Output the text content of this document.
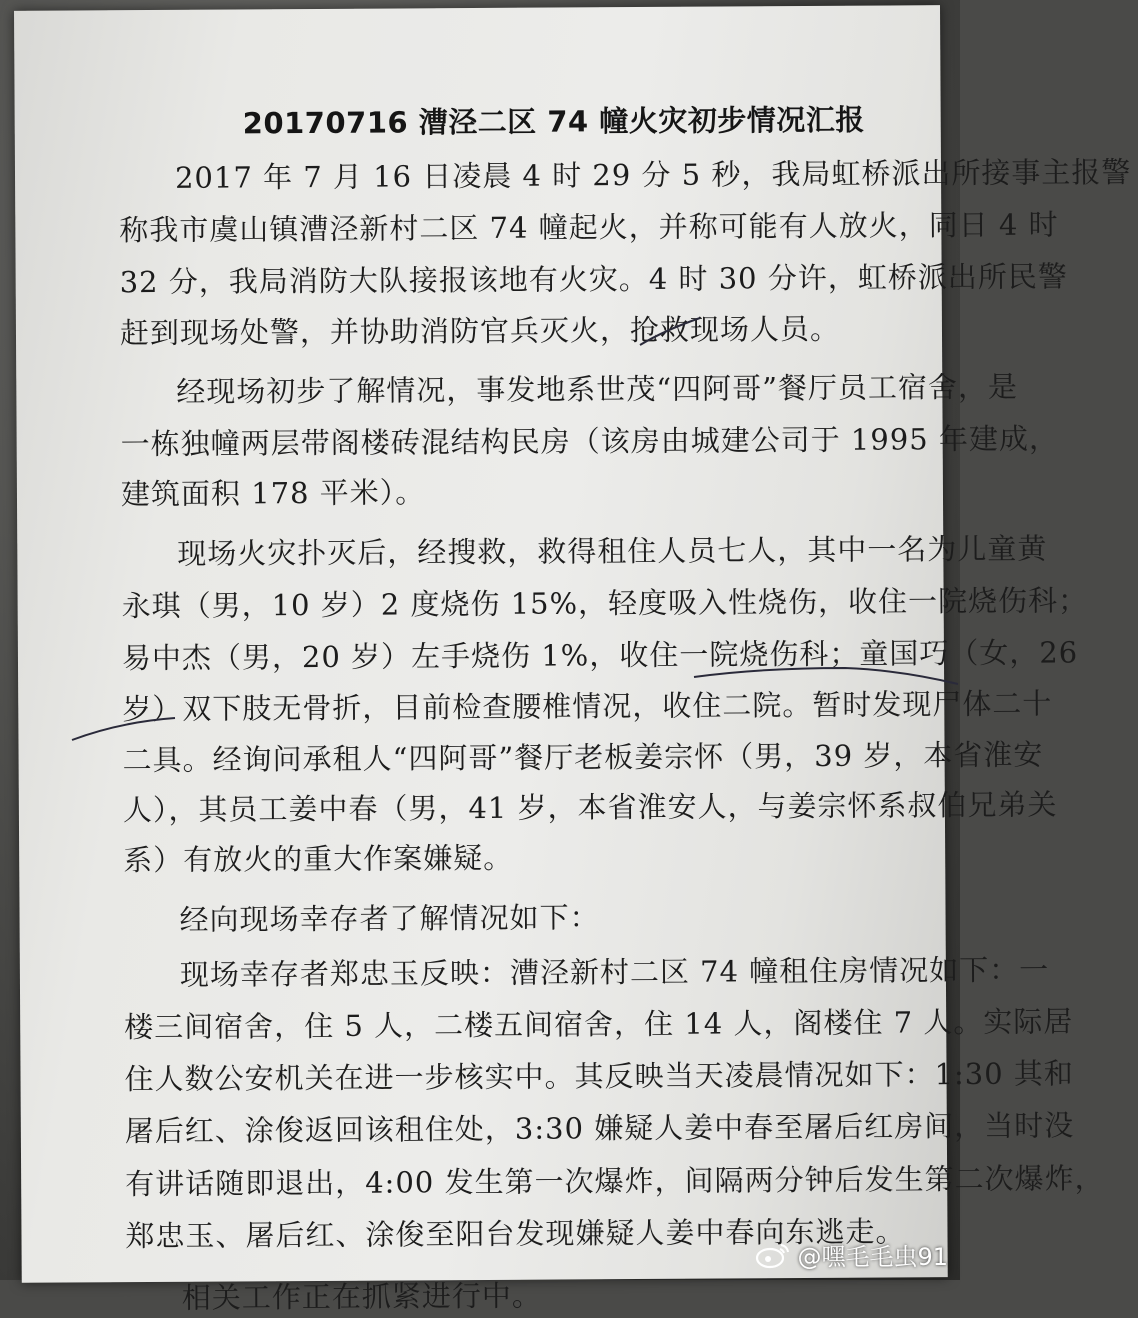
20170716 漕泾二区 74 幢火灾初步情况汇报
2017 年 7 月 16 日凌晨 4 时 29 分 5 秒，我局虹桥派出所接事主报警
称我市虞山镇漕泾新村二区 74 幢起火，并称可能有人放火，同日 4 时
32 分，我局消防大队接报该地有火灾。4 时 30 分许，虹桥派出所民警
赶到现场处警，并协助消防官兵灭火，抢救现场人员。
经现场初步了解情况，事发地系世茂“四阿哥”餐厅员工宿舍，是
一栋独幢两层带阁楼砖混结构民房（该房由城建公司于 1995 年建成，
建筑面积 178 平米）。
现场火灾扑灭后，经搜救，救得租住人员七人，其中一名为儿童黄
永琪（男，10 岁）2 度烧伤 15%，轻度吸入性烧伤，收住一院烧伤科；
易中杰（男，20 岁）左手烧伤 1%，收住一院烧伤科；童国巧（女，26
岁）双下肢无骨折，目前检查腰椎情况，收住二院。暂时发现尸体二十
二具。经询问承租人“四阿哥”餐厅老板姜宗怀（男，39 岁，本省淮安
人），其员工姜中春（男，41 岁，本省淮安人，与姜宗怀系叔伯兄弟关
系）有放火的重大作案嫌疑。
经向现场幸存者了解情况如下：
现场幸存者郑忠玉反映：漕泾新村二区 74 幢租住房情况如下：一
楼三间宿舍，住 5 人，二楼五间宿舍，住 14 人，阁楼住 7 人。实际居
住人数公安机关在进一步核实中。其反映当天凌晨情况如下：1:30 其和
屠后红、涂俊返回该租住处，3:30 嫌疑人姜中春至屠后红房间，当时没
有讲话随即退出，4:00 发生第一次爆炸，间隔两分钟后发生第二次爆炸，
郑忠玉、屠后红、涂俊至阳台发现嫌疑人姜中春向东逃走。
相关工作正在抓紧进行中。
@嘿毛毛虫91
